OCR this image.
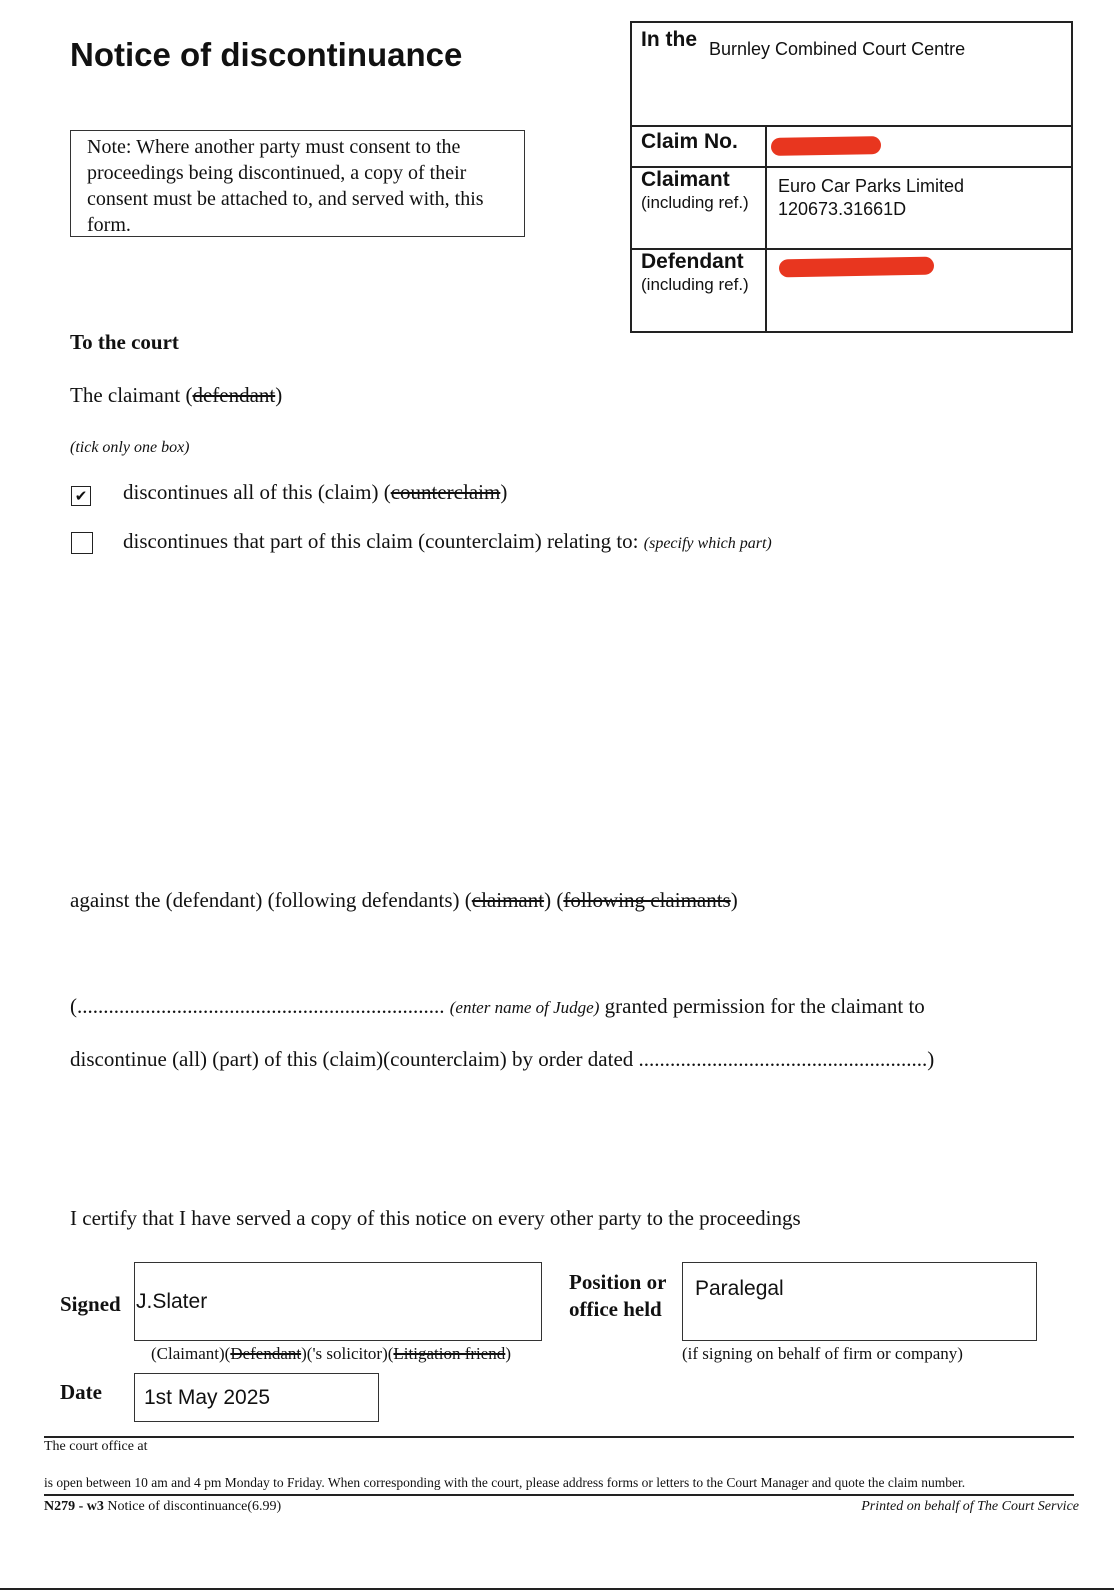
Notice of discontinuance
Note: Where another party must consent to the proceedings being discontinued, a copy of their consent must be attached to, and served with, this form.
In the Burnley Combined Court Centre
Claim No.
Claimant
(including ref.)
Euro Car Parks Limited
120673.31661D
Defendant
(including ref.)
To the court
The claimant (defendant)
(tick only one box)
✔ discontinues all of this (claim) (counterclaim)
discontinues that part of this claim (counterclaim) relating to: (specify which part)
against the (defendant) (following defendants) (claimant) (following claimants)
(...................................................................... (enter name of Judge) granted permission for the claimant to
discontinue (all) (part) of this (claim)(counterclaim) by order dated .......................................................)
I certify that I have served a copy of this notice on every other party to the proceedings
Signed J.Slater
(Claimant)(Defendant)('s solicitor)(Litigation friend)
Position or
office held
Paralegal
(if signing on behalf of firm or company)
Date	1st May 2025
The court office at
is open between 10 am and 4 pm Monday to Friday. When corresponding with the court, please address forms or letters to the Court Manager and quote the claim number.
N279 - w3 Notice of discontinuance(6.99)	Printed on behalf of The Court Service
